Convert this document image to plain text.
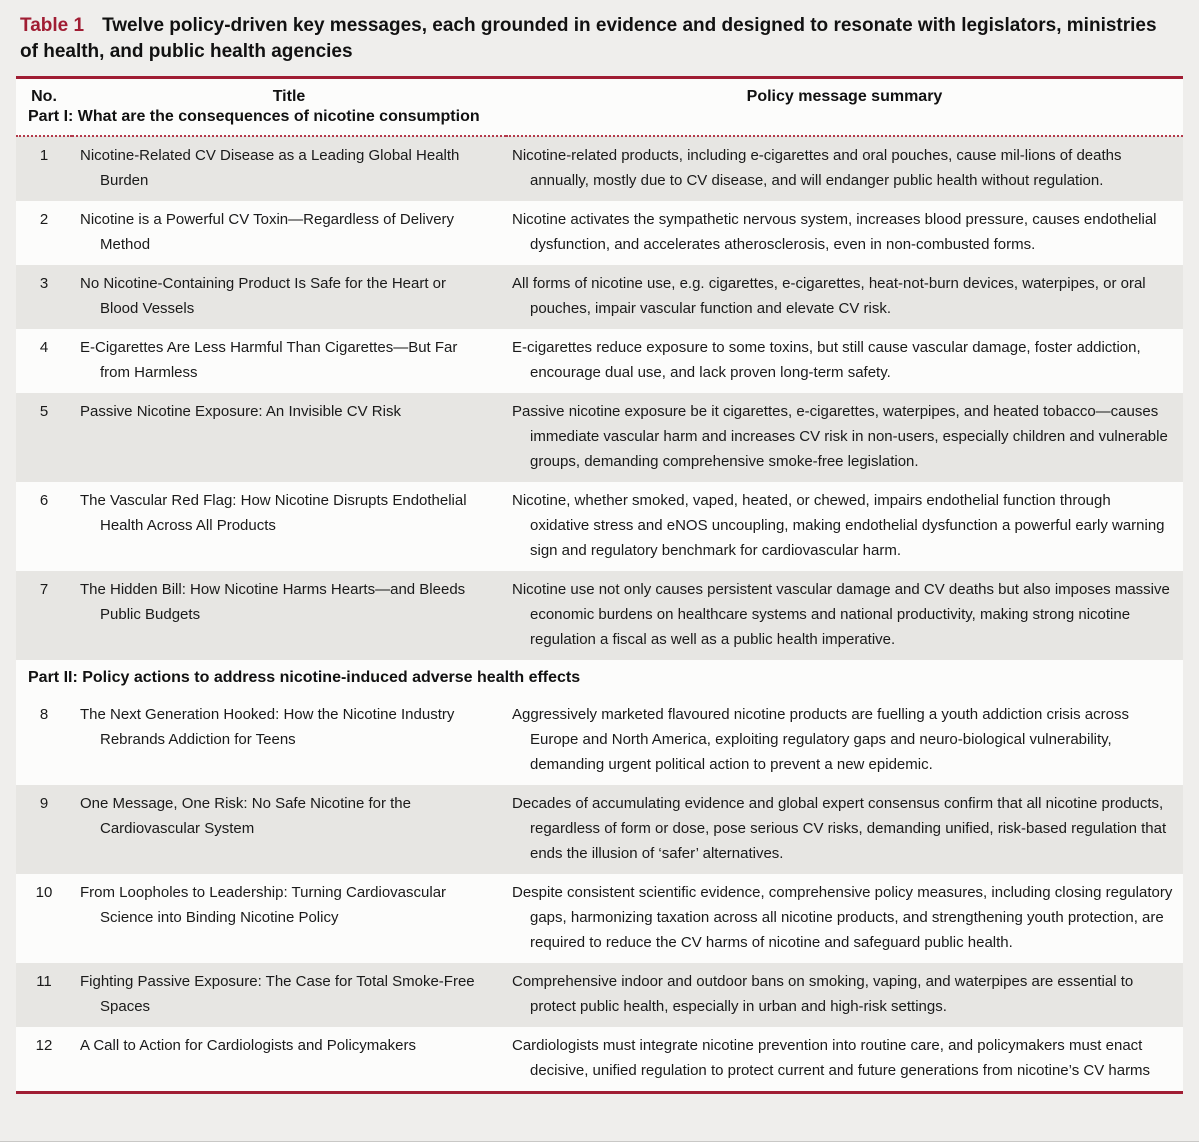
Table 1 Twelve policy-driven key messages, each grounded in evidence and designed to resonate with legislators, ministries of health, and public health agencies
No.	Title	Policy message summary
Part I: What are the consequences of nicotine consumption		
1	Nicotine-Related CV Disease as a Leading Global Health Burden	Nicotine-related products, including e-cigarettes and oral pouches, cause mil-lions of deaths annually, mostly due to CV disease, and will endanger public health without regulation.
2	Nicotine is a Powerful CV Toxin—Regardless of Delivery Method	Nicotine activates the sympathetic nervous system, increases blood pressure, causes endothelial dysfunction, and accelerates atherosclerosis, even in non-combusted forms.
3	No Nicotine-Containing Product Is Safe for the Heart or Blood Vessels	All forms of nicotine use, e.g. cigarettes, e-cigarettes, heat-not-burn devices, waterpipes, or oral pouches, impair vascular function and elevate CV risk.
4	E-Cigarettes Are Less Harmful Than Cigarettes—But Far from Harmless	E-cigarettes reduce exposure to some toxins, but still cause vascular damage, foster addiction, encourage dual use, and lack proven long-term safety.
5	Passive Nicotine Exposure: An Invisible CV Risk	Passive nicotine exposure be it cigarettes, e-cigarettes, waterpipes, and heated tobacco—causes immediate vascular harm and increases CV risk in non-users, especially children and vulnerable groups, demanding comprehensive smoke-free legislation.
6	The Vascular Red Flag: How Nicotine Disrupts Endothelial Health Across All Products	Nicotine, whether smoked, vaped, heated, or chewed, impairs endothelial function through oxidative stress and eNOS uncoupling, making endothelial dysfunction a powerful early warning sign and regulatory benchmark for cardiovascular harm.
7	The Hidden Bill: How Nicotine Harms Hearts—and Bleeds Public Budgets	Nicotine use not only causes persistent vascular damage and CV deaths but also imposes massive economic burdens on healthcare systems and national productivity, making strong nicotine regulation a fiscal as well as a public health imperative.
Part II: Policy actions to address nicotine-induced adverse health effects		
8	The Next Generation Hooked: How the Nicotine Industry Rebrands Addiction for Teens	Aggressively marketed flavoured nicotine products are fuelling a youth addiction crisis across Europe and North America, exploiting regulatory gaps and neuro-biological vulnerability, demanding urgent political action to prevent a new epidemic.
9	One Message, One Risk: No Safe Nicotine for the Cardiovascular System	Decades of accumulating evidence and global expert consensus confirm that all nicotine products, regardless of form or dose, pose serious CV risks, demanding unified, risk-based regulation that ends the illusion of ‘safer’ alternatives.
10	From Loopholes to Leadership: Turning Cardiovascular Science into Binding Nicotine Policy	Despite consistent scientific evidence, comprehensive policy measures, including closing regulatory gaps, harmonizing taxation across all nicotine products, and strengthening youth protection, are required to reduce the CV harms of nicotine and safeguard public health.
11	Fighting Passive Exposure: The Case for Total Smoke-Free Spaces	Comprehensive indoor and outdoor bans on smoking, vaping, and waterpipes are essential to protect public health, especially in urban and high-risk settings.
12	A Call to Action for Cardiologists and Policymakers	Cardiologists must integrate nicotine prevention into routine care, and policymakers must enact decisive, unified regulation to protect current and future generations from nicotine’s CV harms
